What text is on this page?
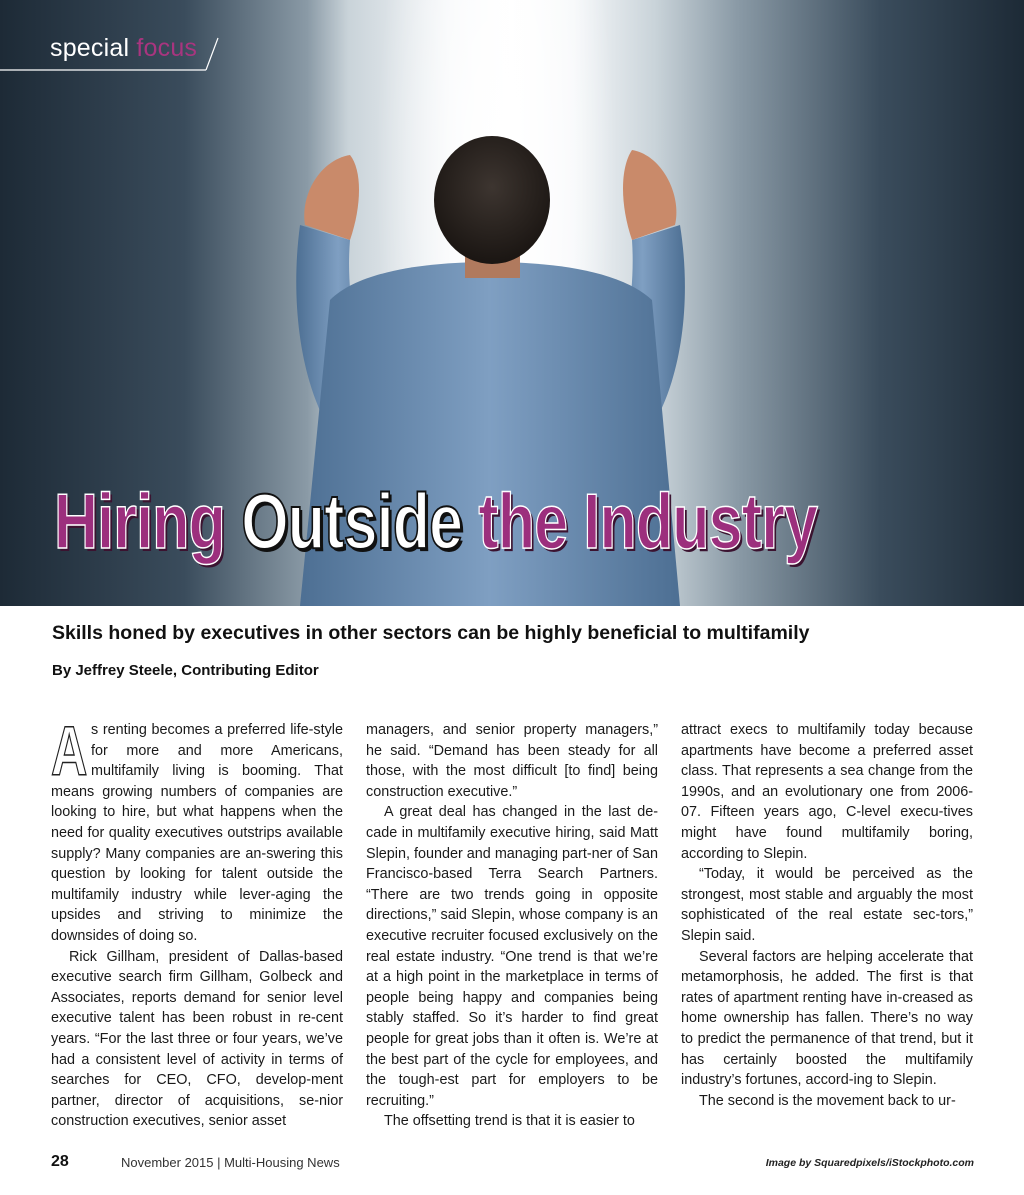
special focus
Hiring Outside the Industry
Skills honed by executives in other sectors can be highly beneficial to multifamily
By Jeffrey Steele, Contributing Editor
A s renting becomes a preferred life-style for more and more Americans, multifamily living is booming. That means growing numbers of companies are looking to hire, but what happens when the need for quality executives outstrips available supply? Many companies are an-swering this question by looking for talent outside the multifamily industry while lever-aging the upsides and striving to minimize the downsides of doing so.

Rick Gillham, president of Dallas-based executive search firm Gillham, Golbeck and Associates, reports demand for senior level executive talent has been robust in re-cent years. “For the last three or four years, we’ve had a consistent level of activity in terms of searches for CEO, CFO, develop-ment partner, director of acquisitions, se-nior construction executives, senior asset

managers, and senior property managers,” he said. “Demand has been steady for all those, with the most difficult [to find] being construction executive.”

A great deal has changed in the last de-cade in multifamily executive hiring, said Matt Slepin, founder and managing part-ner of San Francisco-based Terra Search Partners. “There are two trends going in opposite directions,” said Slepin, whose company is an executive recruiter focused exclusively on the real estate industry. “One trend is that we’re at a high point in the marketplace in terms of people being happy and companies being stably staffed. So it’s harder to find great people for great jobs than it often is. We’re at the best part of the cycle for employees, and the tough-est part for employers to be recruiting.”

The offsetting trend is that it is easier to

attract execs to multifamily today because apartments have become a preferred asset class. That represents a sea change from the 1990s, and an evolutionary one from 2006-07. Fifteen years ago, C-level execu-tives might have found multifamily boring, according to Slepin.

“Today, it would be perceived as the strongest, most stable and arguably the most sophisticated of the real estate sec-tors,” Slepin said.

Several factors are helping accelerate that metamorphosis, he added. The first is that rates of apartment renting have in-creased as home ownership has fallen. There’s no way to predict the permanence of that trend, but it has certainly boosted the multifamily industry’s fortunes, accord-ing to Slepin.

The second is the movement back to ur-

28	November 2015 | Multi-Housing News	Image by Squaredpixels/iStockphoto.com
